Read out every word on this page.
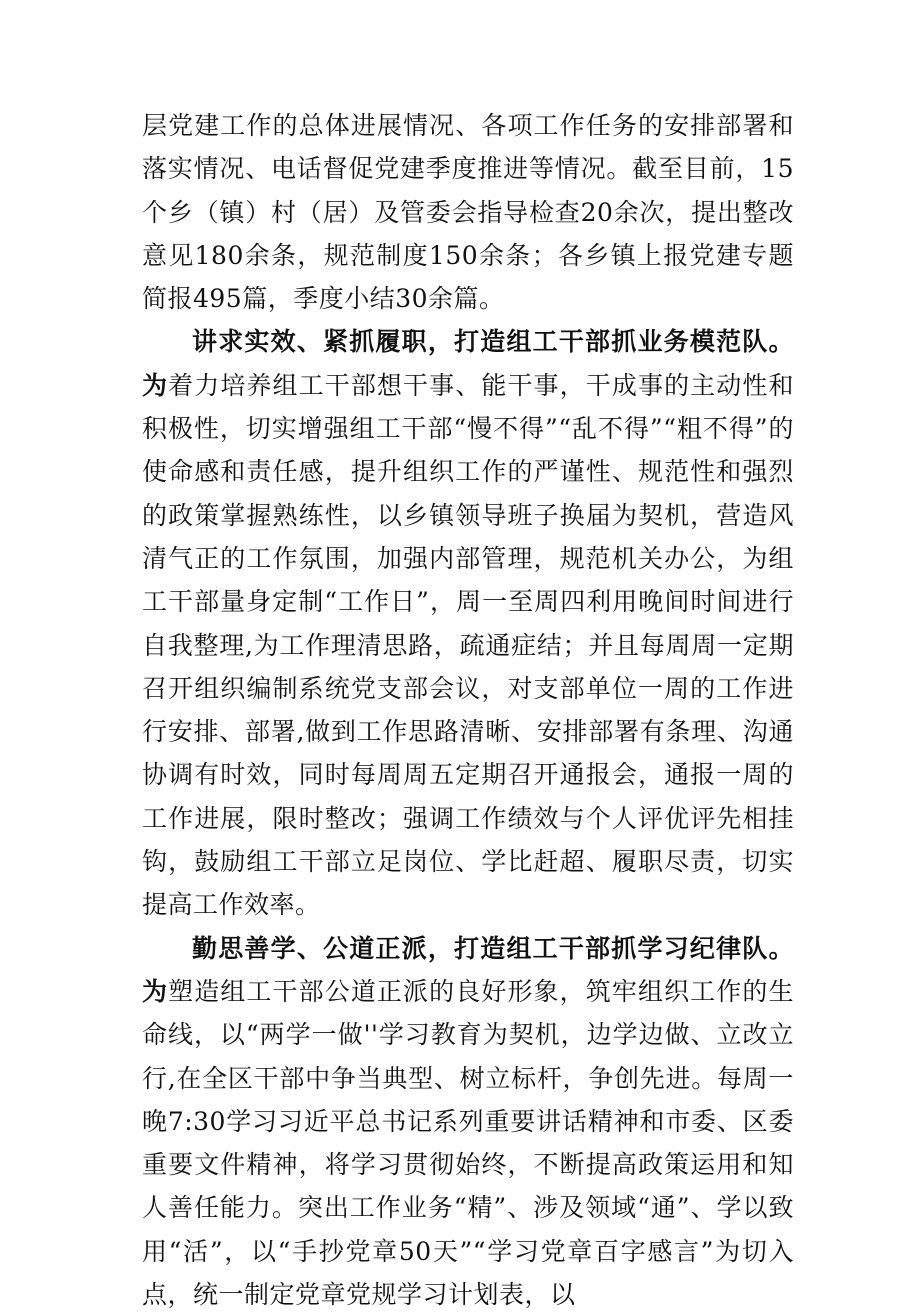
层党建工作的总体进展情况、各项工作任务的安排部署和落实情况、电话督促党建季度推进等情况。截至目前，15个乡（镇）村（居）及管委会指导检查20余次，提出整改意见180余条，规范制度150余条；各乡镇上报党建专题简报495篇，季度小结30余篇。

讲求实效、紧抓履职，打造组工干部抓业务模范队。为着力培养组工干部想干事、能干事，干成事的主动性和积极性，切实增强组工干部“慢不得”“乱不得”“粗不得”的使命感和责任感，提升组织工作的严谨性、规范性和强烈的政策掌握熟练性，以乡镇领导班子换届为契机，营造风清气正的工作氛围，加强内部管理，规范机关办公，为组工干部量身定制“工作日”，周一至周四利用晚间时间进行自我整理,为工作理清思路，疏通症结；并且每周周一定期召开组织编制系统党支部会议，对支部单位一周的工作进行安排、部署,做到工作思路清晰、安排部署有条理、沟通协调有时效，同时每周周五定期召开通报会，通报一周的工作进展，限时整改；强调工作绩效与个人评优评先相挂钩，鼓励组工干部立足岗位、学比赶超、履职尽责，切实提高工作效率。

勤思善学、公道正派，打造组工干部抓学习纪律队。为塑造组工干部公道正派的良好形象，筑牢组织工作的生命线，以“两学一做''学习教育为契机，边学边做、立改立行,在全区干部中争当典型、树立标杆，争创先进。每周一晚7:30学习习近平总书记系列重要讲话精神和市委、区委重要文件精神，将学习贯彻始终，不断提高政策运用和知人善任能力。突出工作业务“精”、涉及领域“通”、学以致用“活”，以“手抄党章50天”“学习党章百字感言”为切入点，统一制定党章党规学习计划表，以
